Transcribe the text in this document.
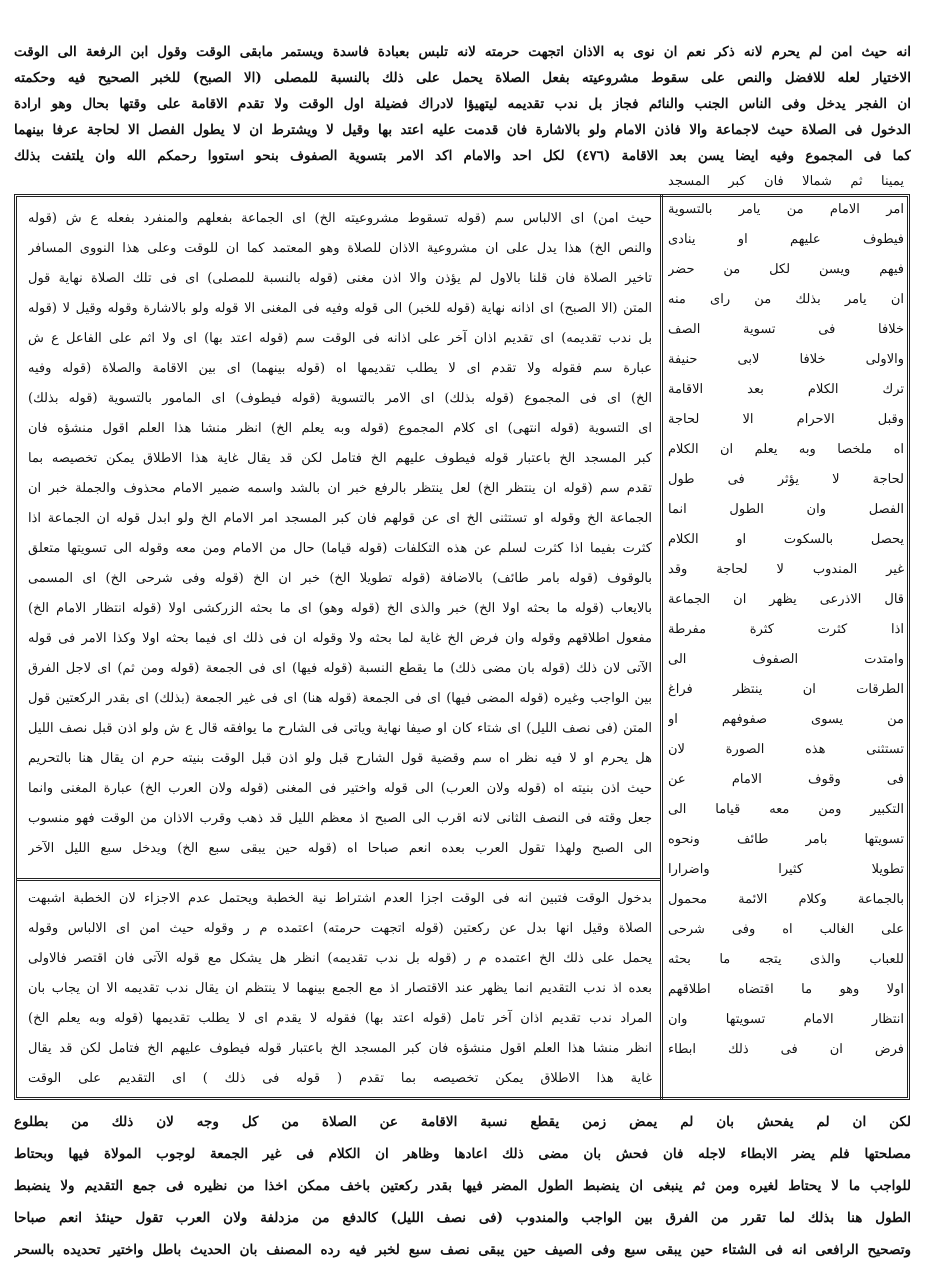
انه حيث امن لم يحرم لانه ذكر نعم ان نوى به الاذان اتجهت حرمته لانه تلبس بعبادة فاسدة ويستمر مابقى الوقت وقول ابن الرفعة الى الوقت
الاختيار لعله للافضل والنص على سقوط مشروعيته بفعل الصلاة يحمل على ذلك بالنسبة للمصلى (الا الصبح) للخبر الصحيح فيه وحكمته
ان الفجر يدخل وفى الناس الجنب والنائم فجاز بل ندب تقديمه ليتهيؤا لادراك فضيلة اول الوقت ولا تقدم الاقامة على وقتها بحال وهو ارادة
الدخول فى الصلاة حيث لاجماعة والا فاذن الامام ولو بالاشارة فان قدمت عليه اعتد بها وقيل لا ويشترط ان لا يطول الفصل الا لحاجة عرفا بينهما
كما فى المجموع وفيه ايضا يسن بعد الاقامة (٤٧٦) لكل احد والامام اكد الامر بتسوية الصفوف بنحو استووا رحمكم الله وان يلتفت بذلك
يمينا ثم شمالا فان كبر المسجد
امر الامام من يامر بالتسوية
فيطوف عليهم او ينادى
فيهم ويسن لكل من حضر
ان يامر بذلك من راى منه
خلافا فى تسوية الصف
والاولى خلافا لابى حنيفة
ترك الكلام بعد الاقامة
وقبل الاحرام الا لحاجة
اه ملخصا وبه يعلم ان الكلام
لحاجة لا يؤثر فى طول
الفصل وان الطول انما
يحصل بالسكوت او الكلام
غير المندوب لا لحاجة وقد
قال الاذرعى يظهر ان الجماعة
اذا كثرت كثرة مفرطة
وامتدت الصفوف الى
الطرقات ان ينتظر فراغ
من يسوى صفوفهم او
تستثنى هذه الصورة لان
فى وقوف الامام عن
التكبير ومن معه قياما الى
تسويتها بامر طائف ونحوه
تطويلا كثيرا واضرارا
بالجماعة وكلام الائمة محمول
على الغالب اه وفى شرحى
للعباب والذى يتجه ما بحثه
اولا وهو ما اقتضاه اطلاقهم
انتظار الامام تسويتها وان
فرض ان فى ذلك ابطاء
حيث امن) اى الالباس سم (قوله تسقوط مشروعيته الخ) اى الجماعة بفعلهم والمنفرد بفعله ع ش (قوله
والنص الخ) هذا يدل على ان مشروعية الاذان للصلاة وهو المعتمد كما ان للوقت وعلى هذا النووى المسافر
تاخير الصلاة فان قلنا بالاول لم يؤذن والا اذن مغنى (قوله بالنسبة للمصلى) اى فى تلك الصلاة نهاية قول
المتن (الا الصبح) اى اذانه نهاية (قوله للخبر) الى قوله وفيه فى المغنى الا قوله ولو بالاشارة وقوله وقيل لا (قوله
بل ندب تقديمه) اى تقديم اذان آخر على اذانه فى الوقت سم (قوله اعتد بها) اى ولا اثم على الفاعل ع ش
عبارة سم فقوله ولا تقدم اى لا يطلب تقديمها اه (قوله بينهما) اى بين الاقامة والصلاة (قوله وفيه
الخ) اى فى المجموع (قوله بذلك) اى الامر بالتسوية (قوله فيطوف) اى المامور بالتسوية (قوله بذلك)
اى التسوية (قوله انتهى) اى كلام المجموع (قوله وبه يعلم الخ) انظر منشا هذا العلم اقول منشؤه فان
كبر المسجد الخ باعتبار قوله فيطوف عليهم الخ فتامل لكن قد يقال غاية هذا الاطلاق يمكن تخصيصه بما
تقدم سم (قوله ان ينتظر الخ) لعل ينتظر بالرفع خبر ان بالشد واسمه ضمير الامام محذوف والجملة خبر ان
الجماعة الخ وقوله او تستثنى الخ اى عن قولهم فان كبر المسجد امر الامام الخ ولو ابدل قوله ان الجماعة اذا
كثرت بفيما اذا كثرت لسلم عن هذه التكلفات (قوله قياما) حال من الامام ومن معه وقوله الى تسويتها متعلق
بالوقوف (قوله بامر طائف) بالاضافة (قوله تطويلا الخ) خبر ان الخ (قوله وفى شرحى الخ) اى المسمى
بالايعاب (قوله ما بحثه اولا الخ) خبر والذى الخ (قوله وهو) اى ما بحثه الزركشى اولا (قوله انتظار الامام الخ)
مفعول اطلاقهم وقوله وان فرض الخ غاية لما بحثه ولا وقوله ان فى ذلك اى فيما بحثه اولا وكذا الامر فى قوله
الآتى لان ذلك (قوله بان مضى ذلك) ما يقطع النسبة (قوله فيها) اى فى الجمعة (قوله ومن ثم) اى لاجل الفرق
بين الواجب وغيره (قوله المضى فيها) اى فى الجمعة (قوله هنا) اى فى غير الجمعة (بذلك) اى بقدر الركعتين قول
المتن (فى نصف الليل) اى شتاء كان او صيفا نهاية وياتى فى الشارح ما يوافقه قال ع ش ولو اذن قبل نصف الليل
هل يحرم او لا فيه نظر اه سم وقضية قول الشارح قبل ولو اذن قبل الوقت بنيته حرم ان يقال هنا بالتحريم
حيث اذن بنيته اه (قوله ولان العرب) الى قوله واختير فى المغنى (قوله ولان العرب الخ) عبارة المغنى وانما
جعل وقته فى النصف الثانى لانه اقرب الى الصبح اذ معظم الليل قد ذهب وقرب الاذان من الوقت فهو منسوب
الى الصبح ولهذا تقول العرب بعده انعم صباحا اه (قوله حين يبقى سبع الخ) ويدخل سبع الليل الآخر
بدخول الوقت فتبين انه فى الوقت اجزا العدم اشتراط نية الخطبة ويحتمل عدم الاجزاء لان الخطبة اشبهت
الصلاة وقيل انها بدل عن ركعتين (قوله اتجهت حرمته) اعتمده م ر وقوله حيث امن اى الالباس وقوله
يحمل على ذلك الخ اعتمده م ر (قوله بل ندب تقديمه) انظر هل يشكل مع قوله الآتى فان اقتصر فالاولى
بعده اذ ندب التقديم انما يظهر عند الاقتصار اذ مع الجمع بينهما لا ينتظم ان يقال ندب تقديمه الا ان يجاب بان
المراد ندب تقديم اذان آخر تامل (قوله اعتد بها) فقوله لا يقدم اى لا يطلب تقديمها (قوله وبه يعلم الخ)
انظر منشا هذا العلم اقول منشؤه فان كبر المسجد الخ باعتبار قوله فيطوف عليهم الخ فتامل لكن قد يقال
غاية هذا الاطلاق يمكن تخصيصه بما تقدم ( قوله فى ذلك ) اى التقديم على الوقت
لكن ان لم يفحش بان لم يمض زمن يقطع نسبة الاقامة عن الصلاة من كل وجه لان ذلك من بطلوع
مصلحتها فلم يضر الابطاء لاجله فان فحش بان مضى ذلك اعادها وظاهر ان الكلام فى غير الجمعة لوجوب المولاة فيها وبحتاط
للواجب ما لا يحتاط لغيره ومن ثم ينبغى ان ينضبط الطول المضر فيها بقدر ركعتين باخف ممكن اخذا من نظيره فى جمع التقديم ولا ينضبط
الطول هنا بذلك لما تقرر من الفرق بين الواجب والمندوب (فى نصف الليل) كالدفع من مزدلفة ولان العرب تقول حينئذ انعم صباحا
وتصحيح الرافعى انه فى الشتاء حين يبقى سبع وفى الصيف حين يبقى نصف سبع لخبر فيه رده المصنف بان الحديث باطل واختير تحديده بالسحر
